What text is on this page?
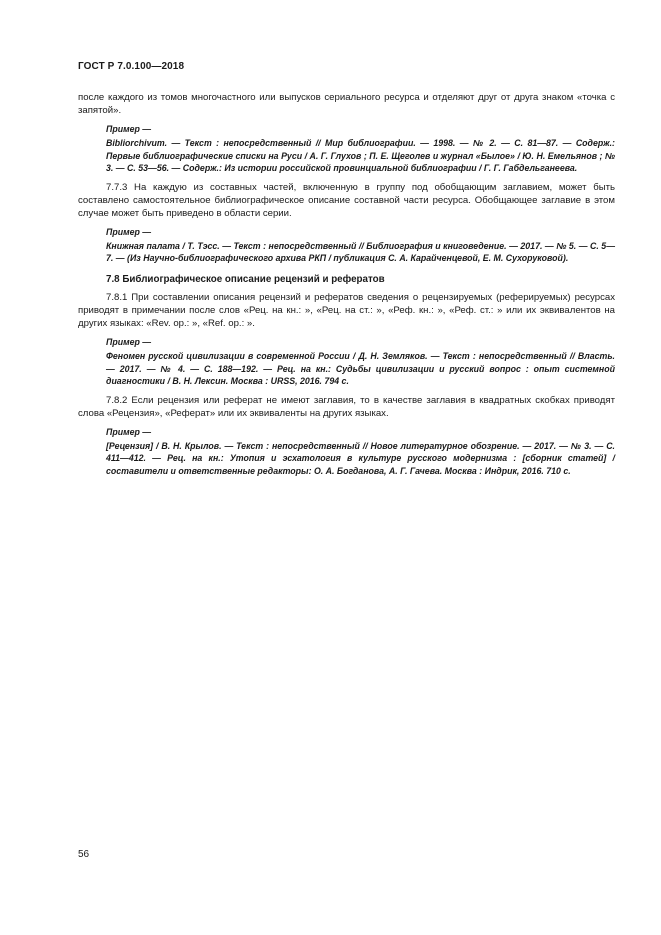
ГОСТ Р 7.0.100—2018

после каждого из томов многочастного или выпусков сериального ресурса и отделяют друг от друга знаком «точка с запятой».

Пример —

Bibliorchivum. — Текст : непосредственный // Мир библиографии. — 1998. — № 2. — С. 81—87. — Содерж.: Первые библиографические списки на Руси / А. Г. Глухов ; П. Е. Щеголев и журнал «Былое» / Ю. Н. Емельянов ; № 3. — С. 53—56. — Содерж.: Из истории российской провинциальной библиографии / Г. Г. Габдельганеева.

7.7.3 На каждую из составных частей, включенную в группу под обобщающим заглавием, может быть составлено самостоятельное библиографическое описание составной части ресурса. Обобщающее заглавие в этом случае может быть приведено в области серии.

Пример —

Книжная палата / Т. Тэсс. — Текст : непосредственный // Библиография и книговедение. — 2017. — № 5. — С. 5—7. — (Из Научно-библиографического архива РКП / публикация С. А. Карайченцевой, Е. М. Сухоруковой).

7.8 Библиографическое описание рецензий и рефератов

7.8.1 При составлении описания рецензий и рефератов сведения о рецензируемых (реферируемых) ресурсах приводят в примечании после слов «Рец. на кн.: », «Рец. на ст.: », «Реф. кн.: », «Реф. ст.: » или их эквивалентов на других языках: «Rev. op.: », «Ref. op.: ».

Пример —

Феномен русской цивилизации в современной России / Д. Н. Земляков. — Текст : непосредственный // Власть. — 2017. — № 4. — С. 188—192. — Рец. на кн.: Судьбы цивилизации и русский вопрос : опыт системной диагностики / В. Н. Лексин. Москва : URSS, 2016. 794 с.

7.8.2 Если рецензия или реферат не имеют заглавия, то в качестве заглавия в квадратных скобках приводят слова «Рецензия», «Реферат» или их эквиваленты на других языках.

Пример —

[Рецензия] / В. Н. Крылов. — Текст : непосредственный // Новое литературное обозрение. — 2017. — № 3. — С. 411—412. — Рец. на кн.: Утопия и эсхатология в культуре русского модернизма : [сборник статей] / составители и ответственные редакторы: О. А. Богданова, А. Г. Гачева. Москва : Индрик, 2016. 710 с.

56
